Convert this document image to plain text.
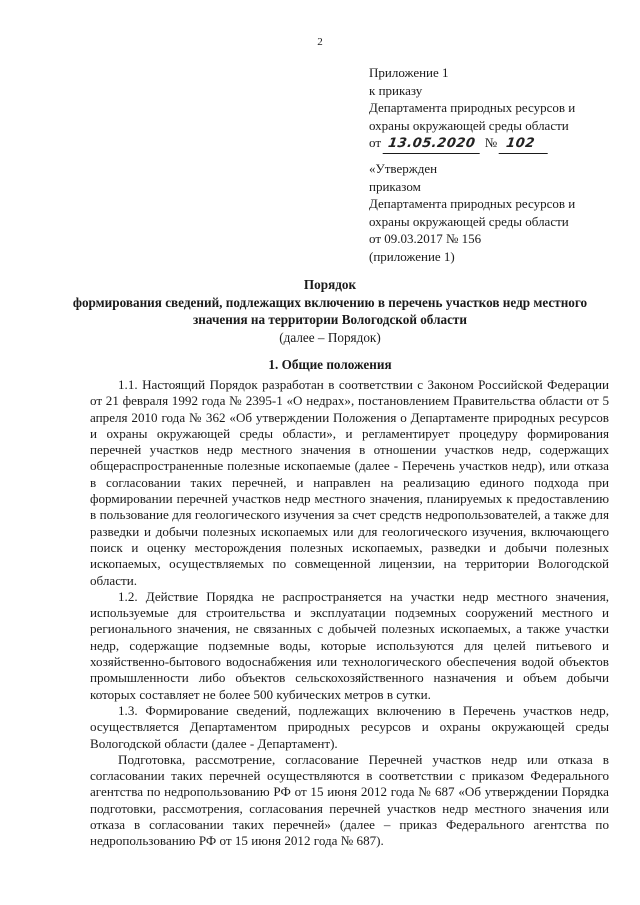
2
Приложение 1
к приказу
Департамента природных ресурсов и
охраны окружающей среды области
от 13.05.2020 № 102
«Утвержден
приказом
Департамента природных ресурсов и
охраны окружающей среды области
от 09.03.2017 № 156
(приложение 1)
Порядок
формирования сведений, подлежащих включению в перечень участков недр местного
значения на территории Вологодской области
(далее – Порядок)
1. Общие положения

1.1. Настоящий Порядок разработан в соответствии с Законом Российской Федерации от 21 февраля 1992 года № 2395-1 «О недрах», постановлением Правительства области от 5 апреля 2010 года № 362 «Об утверждении Положения о Департаменте природных ресурсов и охраны окружающей среды области», и регламентирует процедуру формирования перечней участков недр местного значения в отношении участков недр, содержащих общераспространенные полезные ископаемые (далее - Перечень участков недр), или отказа в согласовании таких перечней, и направлен на реализацию единого подхода при формировании перечней участков недр местного значения, планируемых к предоставлению в пользование для геологического изучения за счет средств недропользователей, а также для разведки и добычи полезных ископаемых или для геологического изучения, включающего поиск и оценку месторождения полезных ископаемых, разведки и добычи полезных ископаемых, осуществляемых по совмещенной лицензии, на территории Вологодской области.

1.2. Действие Порядка не распространяется на участки недр местного значения, используемые для строительства и эксплуатации подземных сооружений местного и регионального значения, не связанных с добычей полезных ископаемых, а также участки недр, содержащие подземные воды, которые используются для целей питьевого и хозяйственно-бытового водоснабжения или технологического обеспечения водой объектов промышленности либо объектов сельскохозяйственного назначения и объем добычи которых составляет не более 500 кубических метров в сутки.

1.3. Формирование сведений, подлежащих включению в Перечень участков недр, осуществляется Департаментом природных ресурсов и охраны окружающей среды Вологодской области (далее - Департамент).

Подготовка, рассмотрение, согласование Перечней участков недр или отказа в согласовании таких перечней осуществляются в соответствии с приказом Федерального агентства по недропользованию РФ от 15 июня 2012 года № 687 «Об утверждении Порядка подготовки, рассмотрения, согласования перечней участков недр местного значения или отказа в согласовании таких перечней» (далее – приказ Федерального агентства по недропользованию РФ от 15 июня 2012 года № 687).
